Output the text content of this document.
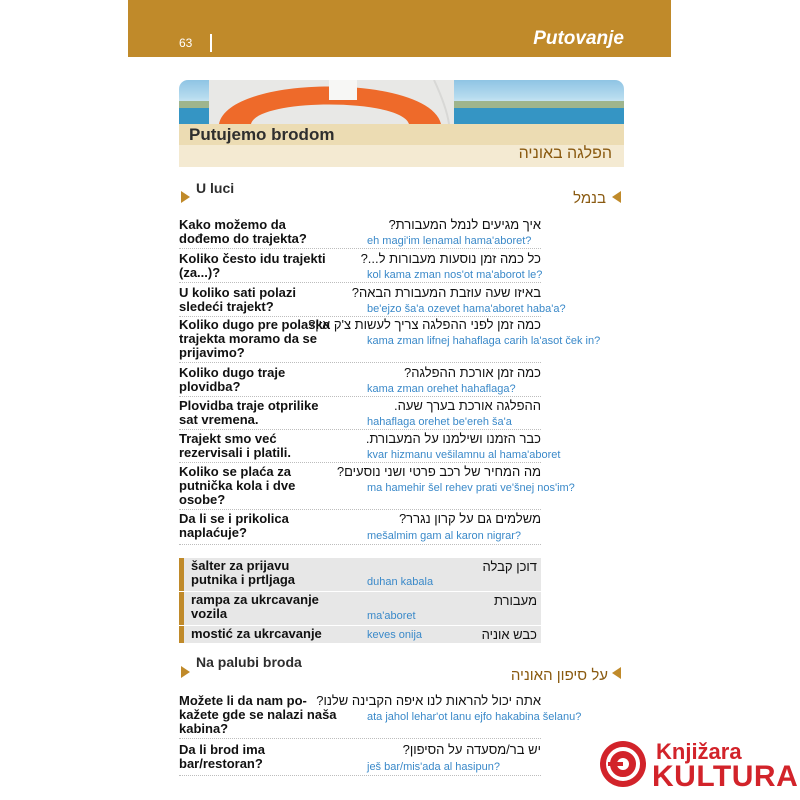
63	Putovanje
Putujemo brodom
הפלגה באוניה
U luci
בנמל
Kako možemo da
dođemo do trajekta?
איך מגיעים לנמל המעבורת?
eh magi'im lenamal hama'aboret?
Koliko često idu trajekti
(za...)?
כל כמה זמן נוסעות מעבורות ל...?
kol kama zman nos'ot ma'aborot le?
U koliko sati polazi
sledeći trajekt?
באיזו שעה עוזבת המעבורת הבאה?
be'ejzo ša'a ozevet hama'aboret haba'a?
Koliko dugo pre polaska
trajekta moramo da se
prijavimo?
כמה זמן לפני ההפלגה צריך לעשות צ'ק אין?
kama zman lifnej hahaflaga carih la'asot ček in?
Koliko dugo traje
plovidba?
כמה זמן אורכת ההפלגה?
kama zman orehet hahaflaga?
Plovidba traje otprilike
sat vremena.
ההפלגה אורכת בערך שעה.
hahaflaga orehet be'ereh ša'a
Trajekt smo već
rezervisali i platili.
כבר הזמנו ושילמנו על המעבורת.
kvar hizmanu vešilamnu al hama'aboret
Koliko se plaća za
putnička kola i dve
osobe?
מה המחיר של רכב פרטי ושני נוסעים?
ma hamehir šel rehev prati ve'šnej nos'im?
Da li se i prikolica
naplaćuje?
משלמים גם על קרון נגרר?
mešalmim gam al karon nigrar?
šalter za prijavu
putnika i prtljaga	duhan kabala
דוכן קבלה
rampa za ukrcavanje
vozila	ma'aboret
מעבורת
mostić za ukrcavanje	keves onija	כבש אוניה
Na palubi broda
על סיפון האוניה
Možete li da nam po-
kažete gde se nalazi naša
kabina?
אתה יכול להראות לנו איפה הקבינה שלנו?
ata jahol lehar'ot lanu ejfo hakabina šelanu?
Da li brod ima
bar/restoran?
יש בר/מסעדה על הסיפון?
ješ bar/mis'ada al hasipun?
Knjižara
KULTURA
